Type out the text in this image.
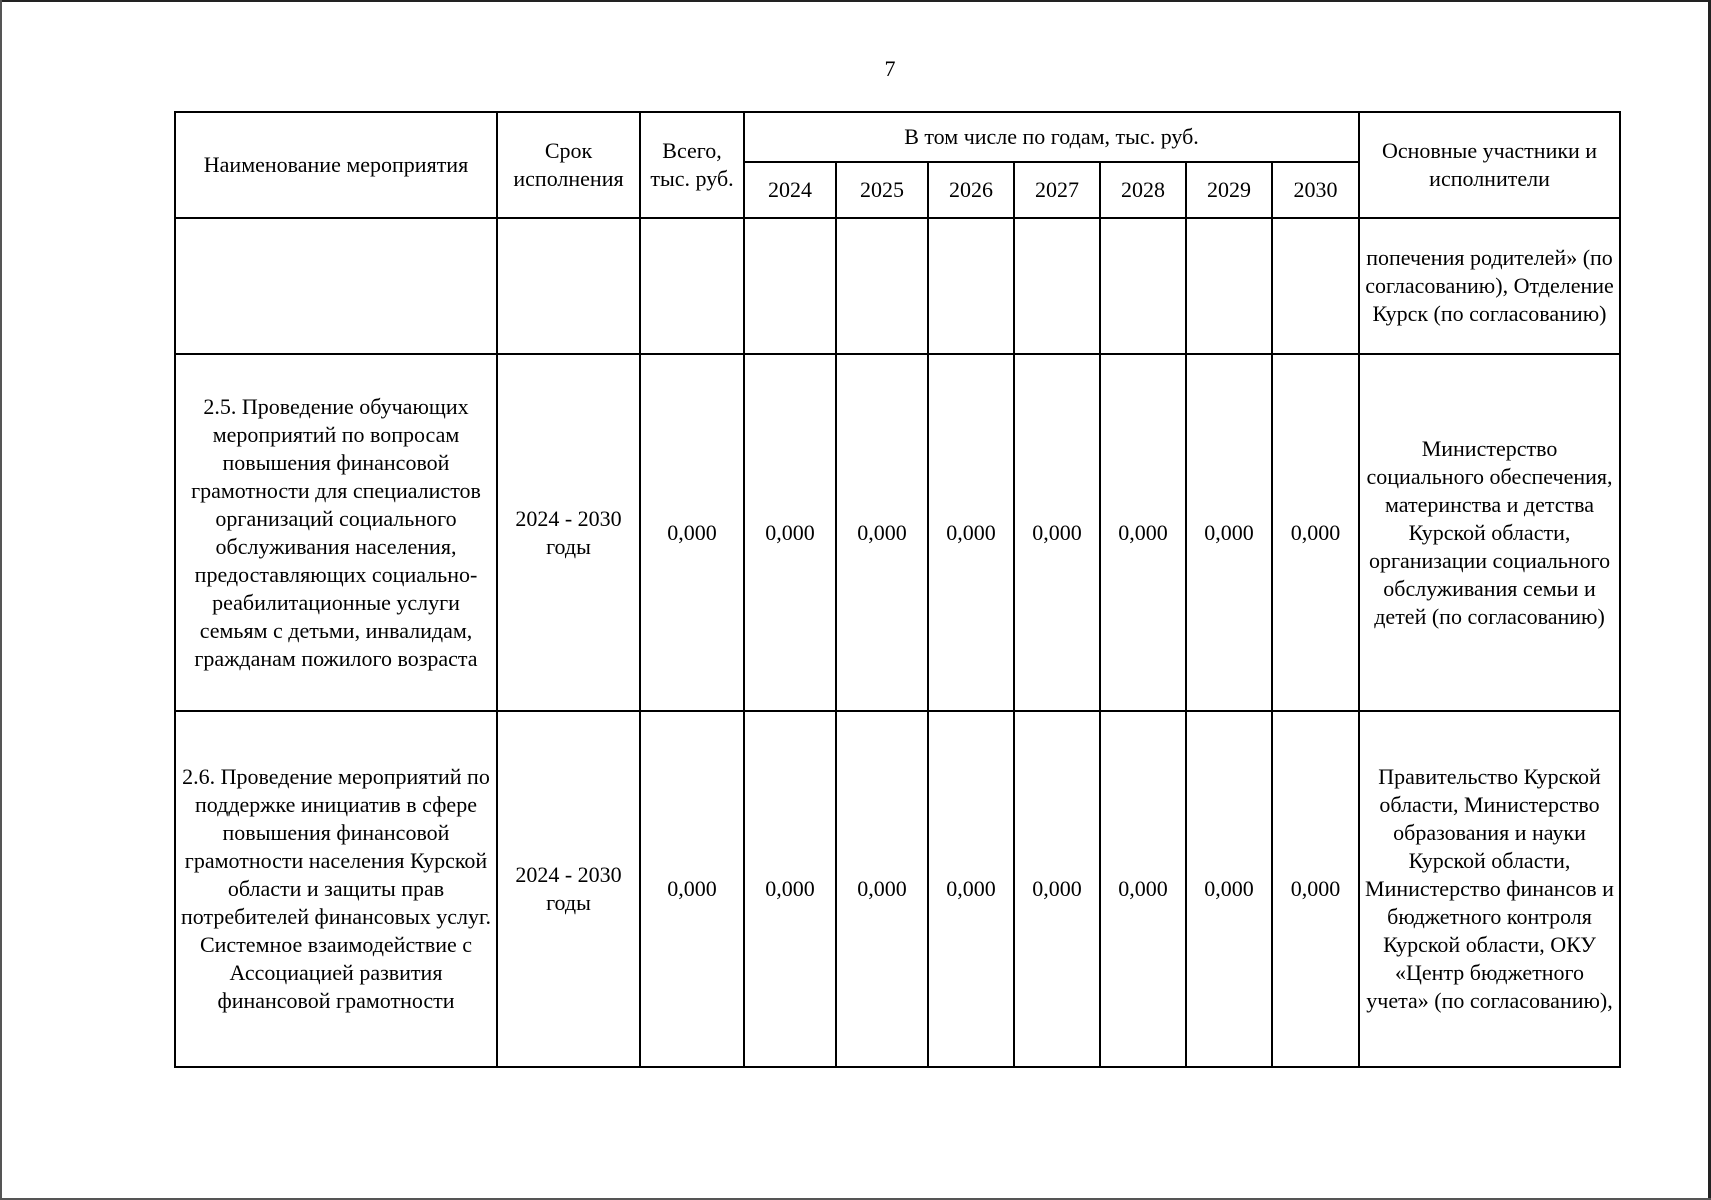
7
Наименование мероприятия	Срок исполнения	Всего, тыс. руб.	В том числе по годам, тыс. руб.							Основные участники и исполнители
			2024	2025	2026	2027	2028	2029	2030	
										попечения родителей» (по согласованию), Отделение Курск (по согласованию)
2.5. Проведение обучающих мероприятий по вопросам повышения финансовой грамотности для специалистов организаций социального обслуживания населения, предоставляющих социально-реабилитационные услуги семьям с детьми, инвалидам, гражданам пожилого возраста	2024 - 2030 годы	0,000	0,000	0,000	0,000	0,000	0,000	0,000	0,000	Министерство социального обеспечения, материнства и детства Курской области, организации социального обслуживания семьи и детей (по согласованию)
2.6. Проведение мероприятий по поддержке инициатив в сфере повышения финансовой грамотности населения Курской области и защиты прав потребителей финансовых услуг. Системное взаимодействие с Ассоциацией развития финансовой грамотности	2024 - 2030 годы	0,000	0,000	0,000	0,000	0,000	0,000	0,000	0,000	Правительство Курской области, Министерство образования и науки Курской области, Министерство финансов и бюджетного контроля Курской области, ОКУ «Центр бюджетного учета» (по согласованию),
